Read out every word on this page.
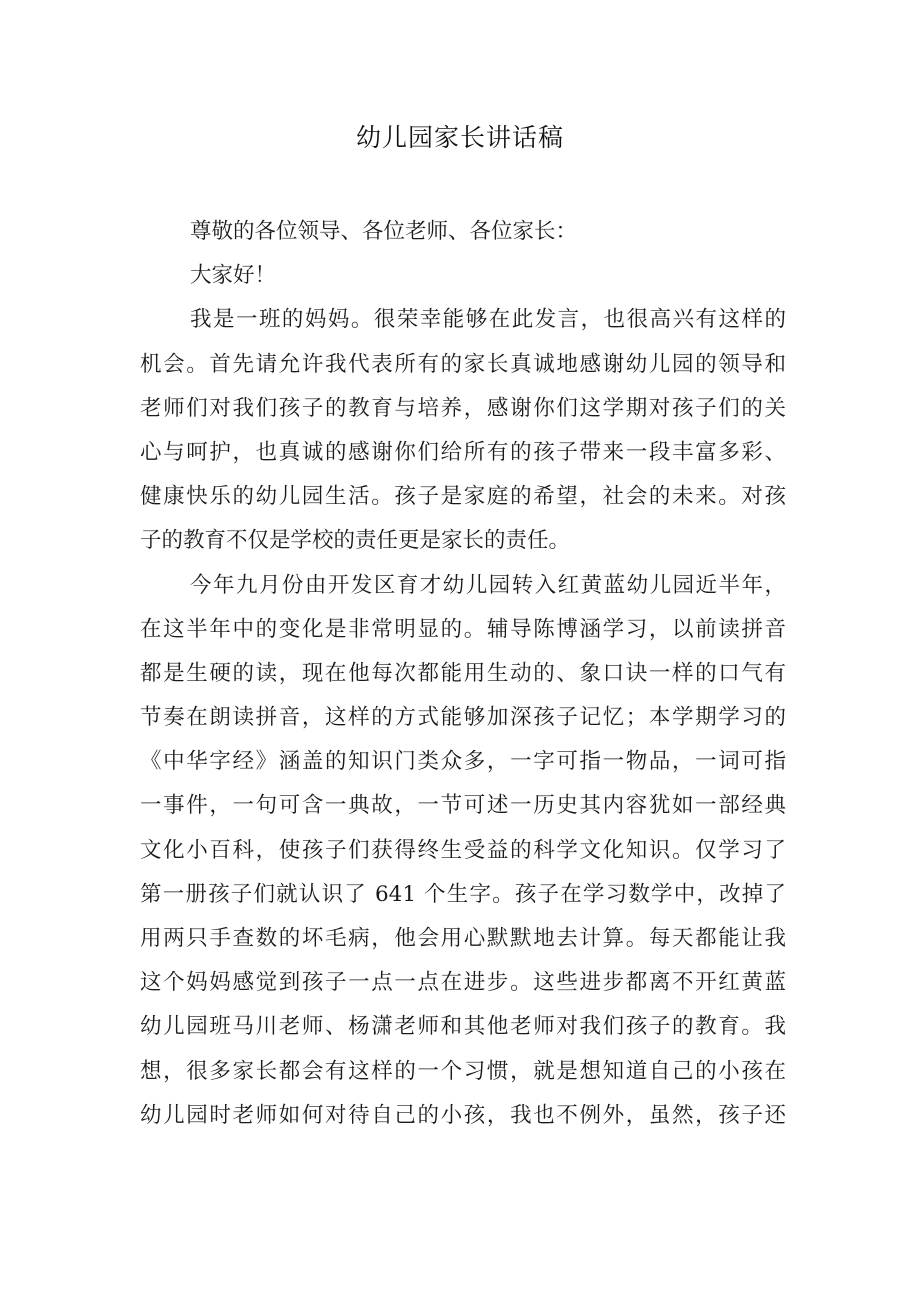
幼儿园家长讲话稿
尊敬的各位领导、各位老师、各位家长：
大家好！
我是一班的妈妈。很荣幸能够在此发言，也很高兴有这样的
机会。首先请允许我代表所有的家长真诚地感谢幼儿园的领导和
老师们对我们孩子的教育与培养，感谢你们这学期对孩子们的关
心与呵护，也真诚的感谢你们给所有的孩子带来一段丰富多彩、
健康快乐的幼儿园生活。孩子是家庭的希望，社会的未来。对孩
子的教育不仅是学校的责任更是家长的责任。
今年九月份由开发区育才幼儿园转入红黄蓝幼儿园近半年，
在这半年中的变化是非常明显的。辅导陈博涵学习，以前读拼音
都是生硬的读，现在他每次都能用生动的、象口诀一样的口气有
节奏在朗读拼音，这样的方式能够加深孩子记忆；本学期学习的
《中华字经》涵盖的知识门类众多，一字可指一物品，一词可指
一事件，一句可含一典故，一节可述一历史其内容犹如一部经典
文化小百科，使孩子们获得终生受益的科学文化知识。仅学习了
第一册孩子们就认识了 641 个生字。孩子在学习数学中，改掉了
用两只手查数的坏毛病，他会用心默默地去计算。每天都能让我
这个妈妈感觉到孩子一点一点在进步。这些进步都离不开红黄蓝
幼儿园班马川老师、杨潇老师和其他老师对我们孩子的教育。我
想，很多家长都会有这样的一个习惯，就是想知道自己的小孩在
幼儿园时老师如何对待自己的小孩，我也不例外，虽然，孩子还
